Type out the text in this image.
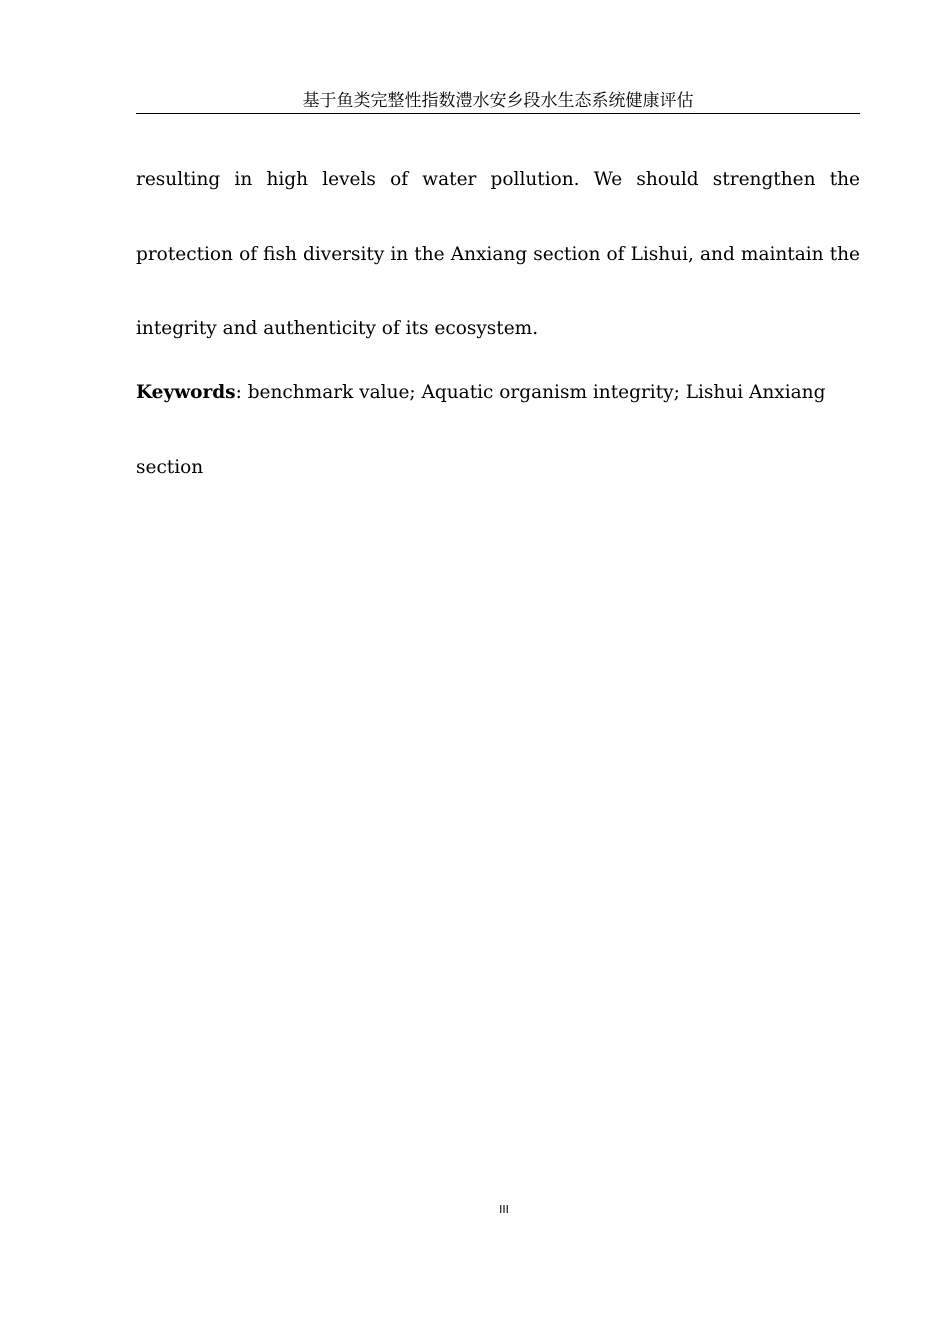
基于鱼类完整性指数澧水安乡段水生态系统健康评估

resulting in high levels of water pollution. We should strengthen the protection of fish diversity in the Anxiang section of Lishui, and maintain the integrity and authenticity of its ecosystem.

Keywords: benchmark value; Aquatic organism integrity; Lishui Anxiang
section

III
